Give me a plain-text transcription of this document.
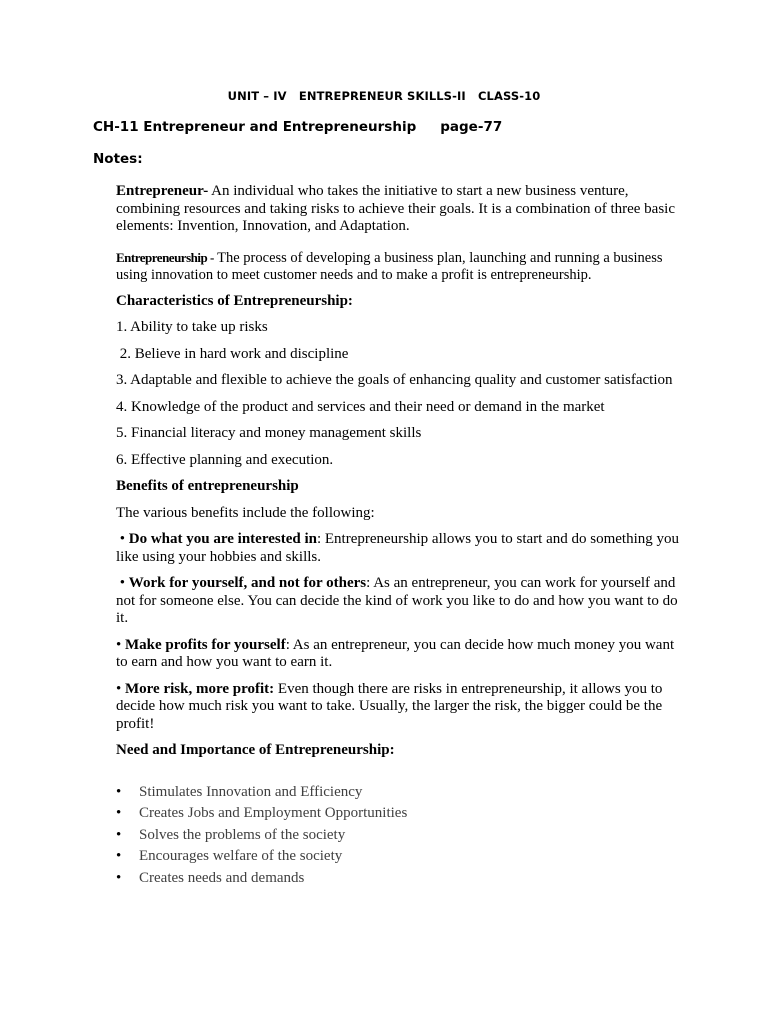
UNIT – IV   ENTREPRENEUR SKILLS-II   CLASS-10
CH-11 Entrepreneur and Entrepreneurship page-77
Notes:

Entrepreneur- An individual who takes the initiative to start a new business venture, combining resources and taking risks to achieve their goals. It is a combination of three basic elements: Invention, Innovation, and Adaptation.

Entrepreneurship - The process of developing a business plan, launching and running a business using innovation to meet customer needs and to make a profit is entrepreneurship.

Characteristics of Entrepreneurship:

1. Ability to take up risks

2. Believe in hard work and discipline

3. Adaptable and flexible to achieve the goals of enhancing quality and customer satisfaction

4. Knowledge of the product and services and their need or demand in the market

5. Financial literacy and money management skills

6. Effective planning and execution.

Benefits of entrepreneurship

The various benefits include the following:

• Do what you are interested in: Entrepreneurship allows you to start and do something you like using your hobbies and skills.

• Work for yourself, and not for others: As an entrepreneur, you can work for yourself and not for someone else. You can decide the kind of work you like to do and how you want to do it.

• Make profits for yourself: As an entrepreneur, you can decide how much money you want to earn and how you want to earn it.

• More risk, more profit: Even though there are risks in entrepreneurship, it allows you to decide how much risk you want to take. Usually, the larger the risk, the bigger could be the profit!

Need and Importance of Entrepreneurship:

• Stimulates Innovation and Efficiency
• Creates Jobs and Employment Opportunities
• Solves the problems of the society
• Encourages welfare of the society
• Creates needs and demands
